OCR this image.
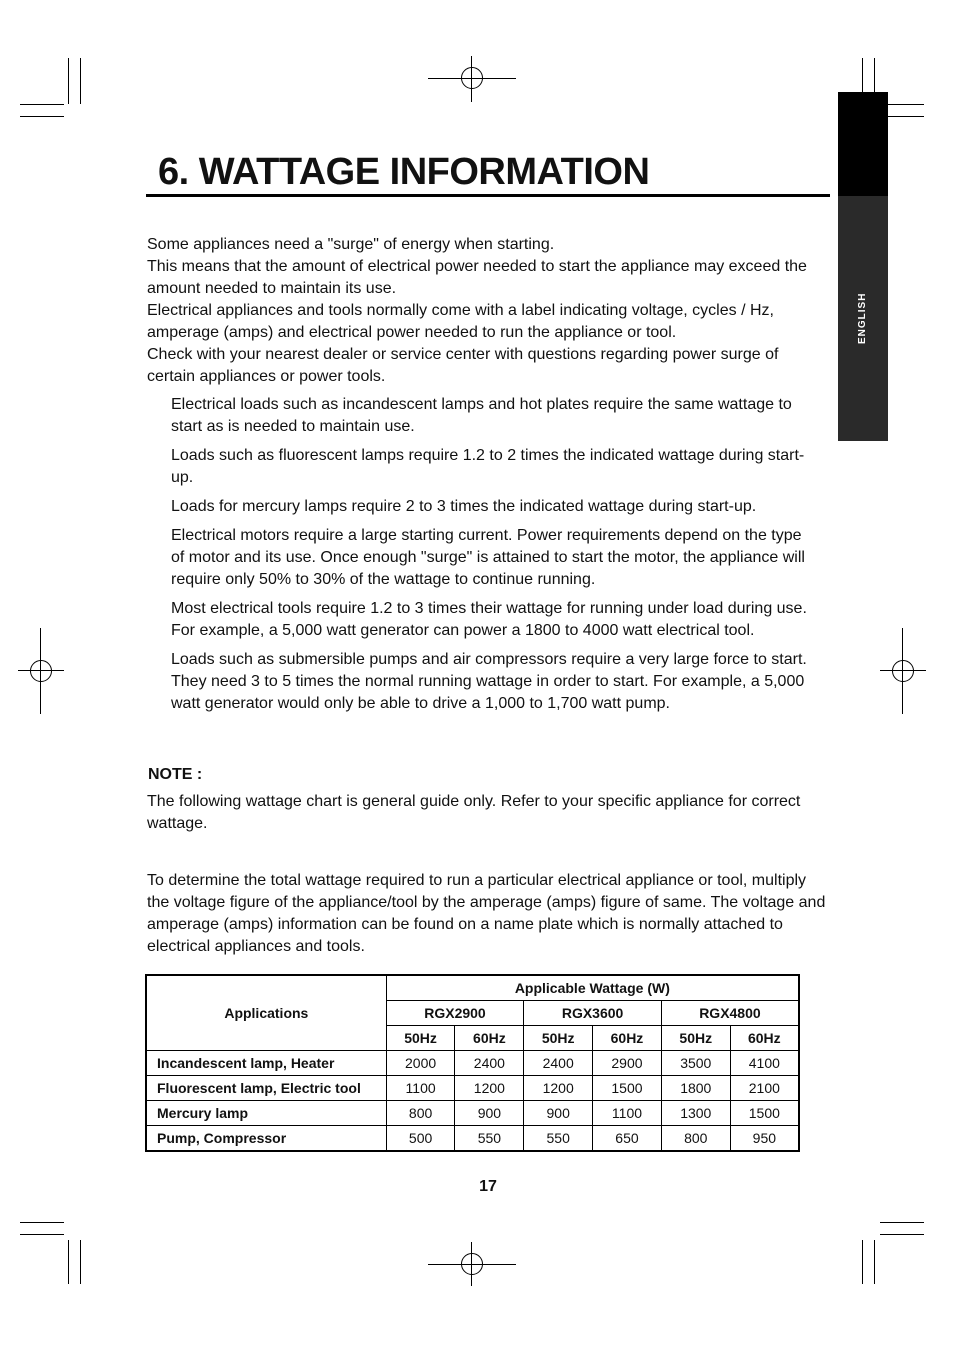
ENGLISH
6. WATTAGE INFORMATION
Some appliances need a "surge" of energy when starting.
This means that the amount of electrical power needed to start the appliance may exceed the amount needed to maintain its use.
Electrical appliances and tools normally come with a label indicating voltage, cycles / Hz, amperage (amps) and electrical power needed to run the appliance or tool.
Check with your nearest dealer or service center with questions regarding power surge of certain appliances or power tools.
Electrical loads such as incandescent lamps and hot plates require the same wattage to start as is needed to maintain use.
Loads such as fluorescent lamps require 1.2 to 2 times the indicated wattage during start-up.
Loads for mercury lamps require 2 to 3 times the indicated wattage during start-up.
Electrical motors require a large starting current. Power requirements depend on the type of motor and its use. Once enough "surge" is attained to start the motor, the appliance will require only 50% to 30% of the wattage to continue running.
Most electrical tools require 1.2 to 3 times their wattage for running under load during use. For example, a 5,000 watt generator can power a 1800 to 4000 watt electrical tool.
Loads such as submersible pumps and air compressors require a very large force to start. They need 3 to 5 times the normal running wattage in order to start. For example, a 5,000 watt generator would only be able to drive a 1,000 to 1,700 watt pump.
NOTE :
The following wattage chart is general guide only. Refer to your specific appliance for correct wattage.
To determine the total wattage required to run a particular electrical appliance or tool, multiply the voltage figure of the appliance/tool by the amperage (amps) figure of same. The voltage and amperage (amps) information can be found on a name plate which is normally attached to electrical appliances and tools.
Applications	Applicable Wattage (W)					
	RGX2900		RGX3600		RGX4800	
	50Hz	60Hz	50Hz	60Hz	50Hz	60Hz
Incandescent lamp, Heater	2000	2400	2400	2900	3500	4100
Fluorescent lamp, Electric tool	1100	1200	1200	1500	1800	2100
Mercury lamp	800	900	900	1100	1300	1500
Pump, Compressor	500	550	550	650	800	950
17
